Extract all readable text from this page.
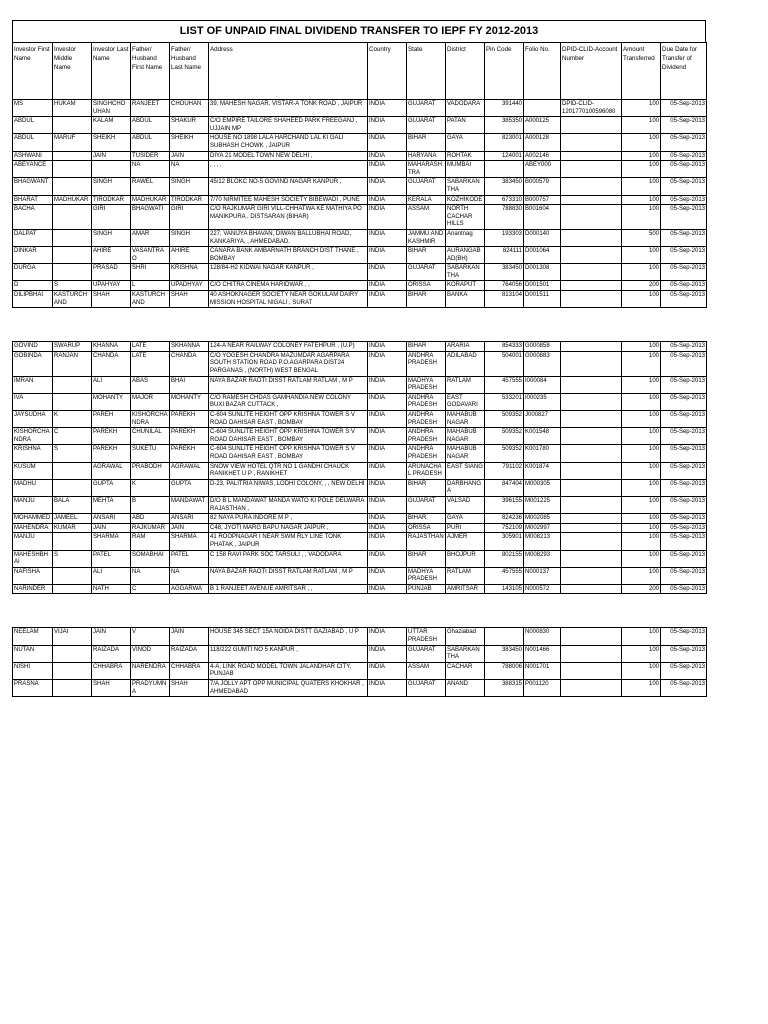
LIST OF UNPAID FINAL DIVIDEND TRANSFER TO IEPF FY 2012-2013
Investor First Name	Investor Middle Name	Investor Last Name	Father/ Husband First Name	Father/ Husband Last Name	Address	Country	State	District	Pin Code	Folio No.	DPID-CLID-Account Number	Amount Transferred	Due Date for Transfer of Dividend
MS	HUKAM	SINGHCHOUHAN	RANJEET	CHOUHAN	39, MAHESH NAGAR, VISTAR-A TONK ROAD , JAIPUR	INDIA	GUJARAT	VADODARA	391440		DPID-CLID-1201770100596080	100	05-Sep-2013
ABDUL		KALAM	ABDUL	SHAKUR	C/O EMPIRE TAILORE SHAHEED PARK FREEGANJ , UJJAIN MP	INDIA	GUJARAT	PATAN	385350	A000125		100	05-Sep-2013
ABDUL	MARUF	SHEIKH	ABDUL	SHEIKH	HOUSE NO 1898 LALA HARCHAND LAL KI GALI SUBHASH CHOWK , JAIPUR	INDIA	BIHAR	GAYA	823001	A000128		100	05-Sep-2013
ASHWANI		JAIN	TUSIDER	JAIN	DIYA 21 MODEL TOWN NEW DELHI ,	INDIA	HARYANA	ROHTAK	124001	A002146		100	05-Sep-2013
ABEYANCE			NA	NA	, , , ,	INDIA	MAHARASHTRA	MUMBAI		ABEY000		100	05-Sep-2013
BHAGWANT		SINGH	RAWEL	SINGH	45/12 BLOKC NO-5 GOVIND NAGAR KANPUR ,	INDIA	GUJARAT	SABARKANTHA	383450	B000579		100	05-Sep-2013
BHARAT	MADHUKAR	TIRODKAR	MADHUKAR	TIRODKAR	7/70 NIRMITEE MAHESH SOCIETY BIBEWADI , PUNE	INDIA	KERALA	KOZHIKODE	673310	B000757		100	05-Sep-2013
BACHA		GIRI	BHAGWATI	GIRI	C/O RAJKUMAR GIRI VILL-CHHATWA KE MATHIYA PO MANIKPURA , DISTSARAN (BIHAR)	INDIA	ASSAM	NORTH CACHAR HILLS	788830	B001604		100	05-Sep-2013
DALPAT		SINGH	AMAR	SINGH	227, VANIJYA BHAVAN, DIWAN BALLUBHAI ROAD, KANKARIYA, , AHMEDABAD.	INDIA	JAMMU AND KASHMIR	Anantnag	193303	D000140		500	05-Sep-2013
DINKAR		AHIRE	VASANTRAO	AHIRE	CANARA BANK AMBARNATH BRANCH DIST THANE , BOMBAY	INDIA	BIHAR	AURANGABAD(BH)	824111	D001064		100	05-Sep-2013
DURGA		PRASAD	SHRI	KRISHNA	128/84-H2 KIDWAI NAGAR KANPUR ,	INDIA	GUJARAT	SABARKANTHA	383450	D001308		100	05-Sep-2013
D	S	UPAHYAY	L	UPADHYAY	C/O CHITRA CINEMA HARIDWAR , ,	INDIA	ORISSA	KORAPUT	764056	D001501		200	05-Sep-2013
DILIPBHAI	KASTURCHAND	SHAH	KASTURCHAND	SHAH	40 ASHOKNAGER SOCIETY NEAR GOKULAM DAIRY MISSION HOSPITAL NIGALI , SURAT	INDIA	BIHAR	BANKA	813104	D001511		100	05-Sep-2013

GOVIND	SWARUP	KHANNA	LATE	SKHANNA	124-A NEAR RAILWAY COLONEY FATEHPUR , (U.P)	INDIA	BIHAR	ARARIA	854333	G000858		100	05-Sep-2013
GOBINDA	RANJAN	CHANDA	LATE	CHANDA	C/O YOGESH CHANDRA MAZUMDAR AGARPARA SOUTH STATION ROAD P.O.AGARPARA DIST24 PARGANAS , (NORTH) WEST BENGAL	INDIA	ANDHRA PRADESH	ADILABAD	504001	G000883		100	05-Sep-2013
IMRAN		ALI	ABAS	BHAI	NAYA BAZAR RAOTI DISST RATLAM RATLAM , M P	INDIA	MADHYA PRADESH	RATLAM	457555	I000084		100	05-Sep-2013
IVA		MOHANTY	MAJOR	MOHANTY	C/O RAMESH CHDAS GAMHANDIA NEW COLONY BUXI BAZAR CUTTACK ,	INDIA	ANDHRA PRADESH	EAST GODAVARI	533201	I000235		100	05-Sep-2013
JAYSUDHA	K	PAREH	KISHORCHANDRA	PAREKH	C-604 SUNLITE HEIGHT OPP KRISHNA TOWER S V ROAD DAHISAR EAST , BOMBAY	INDIA	ANDHRA PRADESH	MAHABUB NAGAR	509352	J000827		100	05-Sep-2013
KISHORCHANDRA	C	PAREKH	CHUNILAL	PAREKH	C-604 SUNLITE HEIGHT OPP KRISHNA TOWER S V ROAD DAHISAR EAST , BOMBAY	INDIA	ANDHRA PRADESH	MAHABUB NAGAR	509352	K001548		100	05-Sep-2013
KRISHNA	S	PAREKH	SUKETU	PAREKH	C-604 SUNLITE HEIGHT OPP KRISHNA TOWER S V ROAD DAHISAR EAST , BOMBAY	INDIA	ANDHRA PRADESH	MAHABUB NAGAR	509352	K001780		100	05-Sep-2013
KUSUM		AGRAWAL	PRABODH	AGRAWAL	SNOW VIEW HOTEL QTR NO 1 GANDHI CHAUCK RANIKHET U P , RANIKHET	INDIA	ARUNACHAL PRADESH	EAST SIANG	791102	K001874		100	05-Sep-2013
MADHU		GUPTA	K	GUPTA	D-23, PALITRIA NIWAS, LODHI COLONY, , , NEW DELHI	INDIA	BIHAR	DARBHANGA	847404	M000305		100	05-Sep-2013
MANJU	BALA	MEHTA	B	MANDAWAT	D/O B L MANDAWAT MANDA WATO KI POLE DELWARA RAJASTHAN ,	INDIA	GUJARAT	VALSAD	396155	M001225		100	05-Sep-2013
MOHAMMED	JAMEEL	ANSARI	ABD	ANSARI	82 NAYA PURA INDORE M P ,	INDIA	BIHAR	GAYA	824236	M002085		100	05-Sep-2013
MAHENDRA	KUMAR	JAIN	RAJKUMAR	JAIN	C48, JYOTI MARG BAPU NAGAR JAIPUR ,	INDIA	ORISSA	PURI	752109	M002997		100	05-Sep-2013
MANJU		SHARMA	RAM	SHARMA	41 ROOPNAGAR I NEAR SWM RLY LINE TONK PHATAK , JAIPUR	INDIA	RAJASTHAN	AJMER	305901	M008213		100	05-Sep-2013
MAHESHBHAI	S	PATEL	SOMABHAI	PATEL	C 158 RAVI PARK SOC TARSULI , , VADODARA	INDIA	BIHAR	BHOJPUR	802155	M008293		100	05-Sep-2013
NAFISHA		ALI	NA	NA	NAYA BAZAR RAOTI DISST RATLAM RATLAM , M P	INDIA	MADHYA PRADESH	RATLAM	457555	N000137		100	05-Sep-2013
NARINDER		NATH	C	AGGARWA	B 1 RANJEET AVENUE AMRITSAR , ,	INDIA	PUNJAB	AMRITSAR	143105	N000572		200	05-Sep-2013

NEELAM	VIJAI	JAIN	V	JAIN	HOUSE 345 SECT 15A NOIDA DISTT GAZIABAD , U P	INDIA	UTTAR PRADESH	Ghaziabad		N000830		100	05-Sep-2013
NUTAN		RAIZADA	VINOD	RAIZADA	118/222 GUMTI NO 5 KANPUR ,	INDIA	GUJARAT	SABARKANTHA	383450	N001466		100	05-Sep-2013
NISHI		CHHABRA	NARENDRA	CHHABRA	4-A, LINK ROAD MODEL TOWN JALANDHAR CITY, PUNJAB	INDIA	ASSAM	CACHAR	788006	N001701		100	05-Sep-2013
PRASNA		SHAH	PRADYUMNA	SHAH	7/A JOLLY APT OPP MUNICIPAL QUATERS KHOKHAR , AHMEDABAD	INDIA	GUJARAT	ANAND	388315	P001120		100	05-Sep-2013
